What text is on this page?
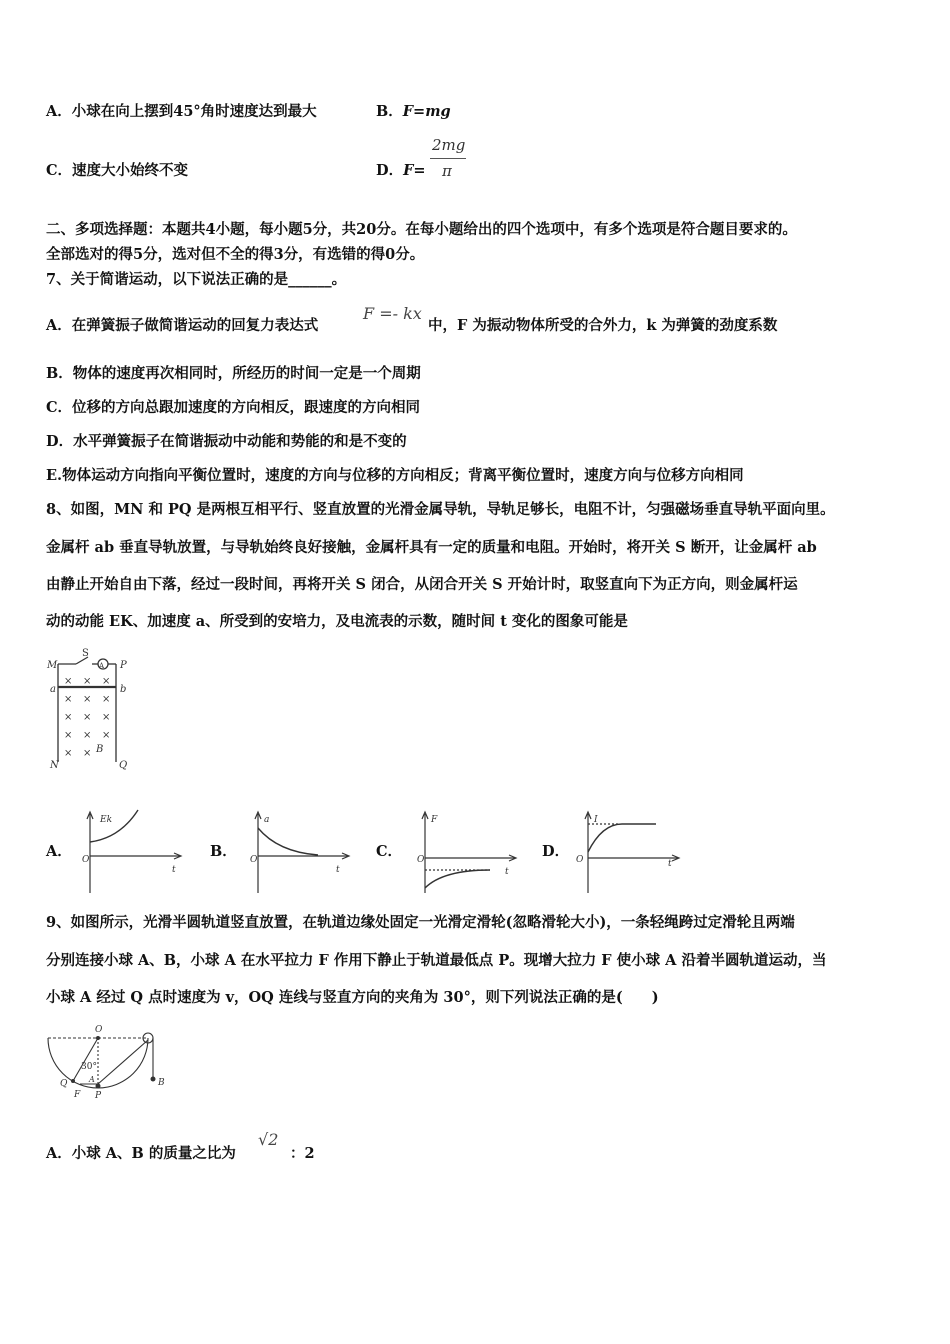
A．小球在向上摆到45°角时速度达到最大	B．F=mg
C．速度大小始终不变	D．F=
2mg
π
二、多项选择题：本题共4小题，每小题5分，共20分。在每小题给出的四个选项中，有多个选项是符合题目要求的。
全部选对的得5分，选对但不全的得3分，有选错的得0分。
7、关于简谐运动，以下说法正确的是______。
A．在弹簧振子做简谐运动的回复力表达式
F =- kx
中，F 为振动物体所受的合外力，k 为弹簧的劲度系数
B．物体的速度再次相同时，所经历的时间一定是一个周期
C．位移的方向总跟加速度的方向相反，跟速度的方向相同
D．水平弹簧振子在简谐振动中动能和势能的和是不变的
E.物体运动方向指向平衡位置时，速度的方向与位移的方向相反；背离平衡位置时，速度方向与位移方向相同
8、如图，MN 和 PQ 是两根互相平行、竖直放置的光滑金属导轨，导轨足够长，电阻不计，匀强磁场垂直导轨平面向里。
金属杆 ab 垂直导轨放置，与导轨始终良好接触，金属杆具有一定的质量和电阻。开始时，将开关 S 断开，让金属杆 ab
由静止开始自由下落，经过一段时间，再将开关 S 闭合，从闭合开关 S 开始计时，取竖直向下为正方向，则金属杆运
动的动能 EK、加速度 a、所受到的安培力，及电流表的示数，随时间 t 变化的图象可能是
A
M
S
P
a	b
N	Q
B
× × ×
× × ×
× × ×
× × ×
× ×
A．
Ek
O
t
B．
a
O
t
C．
F
O
t
D．
I
O	t
9、如图所示，光滑半圆轨道竖直放置，在轨道边缘处固定一光滑定滑轮(忽略滑轮大小)，一条轻绳跨过定滑轮且两端
分别连接小球 A、B，小球 A 在水平拉力 F 作用下静止于轨道最低点 P。现增大拉力 F 使小球 A 沿着半圆轨道运动，当
小球 A 经过 Q 点时速度为 v，OQ 连线与竖直方向的夹角为 30°，则下列说法正确的是(　　)
O
30°
Q	A
F P
B
A．小球 A、B 的质量之比为
√2
：2
